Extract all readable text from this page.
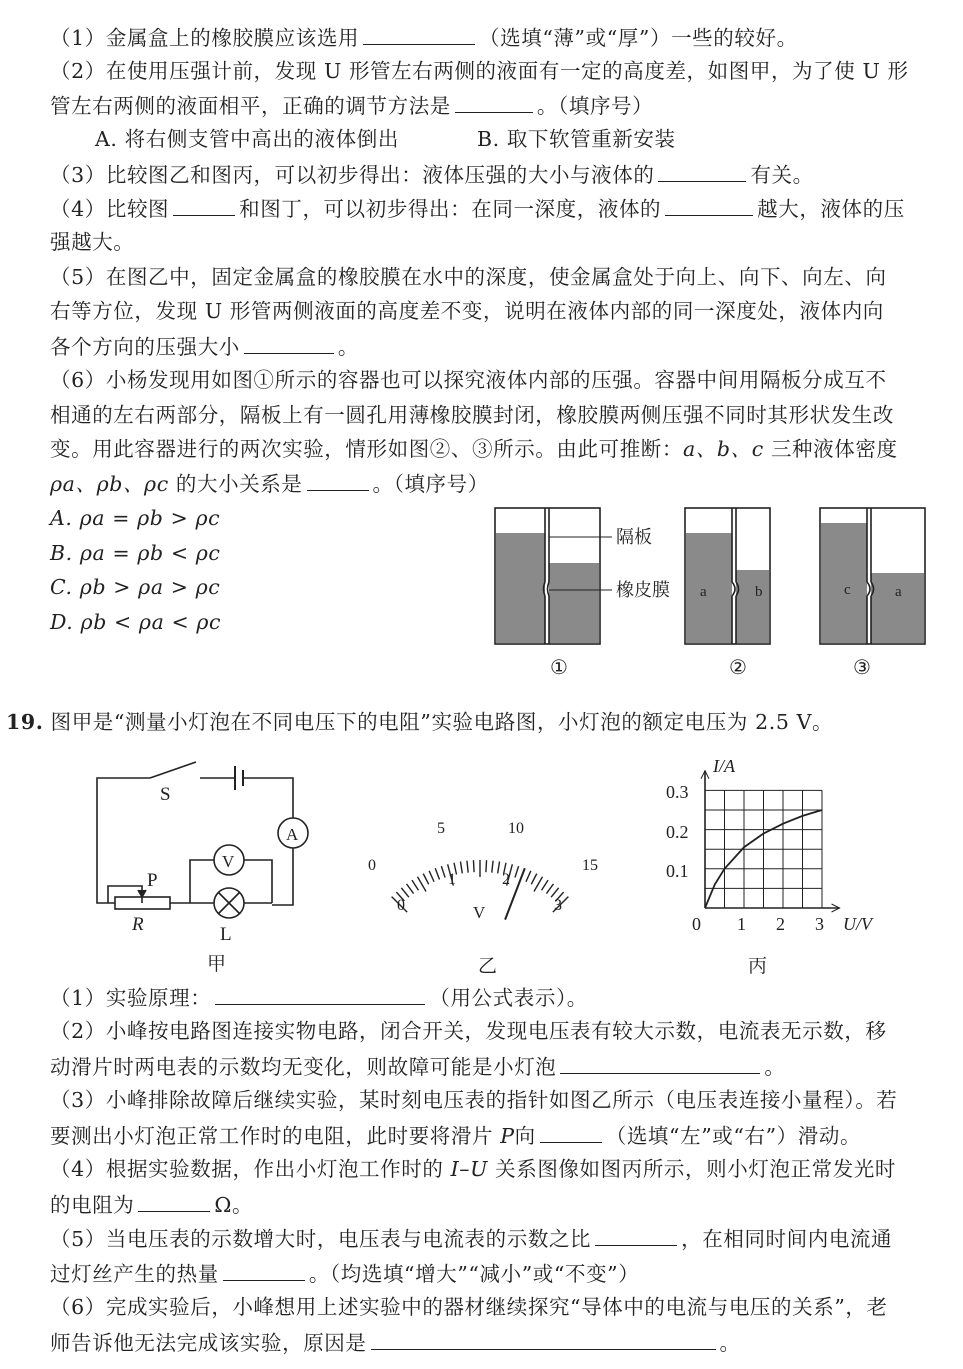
（1）金属盒上的橡胶膜应该选用	（选填“薄”或“厚”）一些的较好。
（2）在使用压强计前，发现 U 形管左右两侧的液面有一定的高度差，如图甲，为了使 U 形
管左右两侧的液面相平，正确的调节方法是	。（填序号）
A. 将右侧支管中高出的液体倒出	B. 取下软管重新安装
（3）比较图乙和图丙，可以初步得出：液体压强的大小与液体的	有关。
（4）比较图	和图丁，可以初步得出：在同一深度，液体的	越大，液体的压
强越大。
（5）在图乙中，固定金属盒的橡胶膜在水中的深度，使金属盒处于向上、向下、向左、向
右等方位，发现 U 形管两侧液面的高度差不变，说明在液体内部的同一深度处，液体内向
各个方向的压强大小	。
（6）小杨发现用如图①所示的容器也可以探究液体内部的压强。容器中间用隔板分成互不
相通的左右两部分，隔板上有一圆孔用薄橡胶膜封闭，橡胶膜两侧压强不同时其形状发生改
变。用此容器进行的两次实验，情形如图②、③所示。由此可推断：a、b、c 三种液体密度
ρa、ρb、ρc 的大小关系是	。（填序号）
A. ρa = ρb > ρc
B. ρa = ρb < ρc
C. ρb > ρa > ρc
D. ρb < ρa < ρc
隔板
橡皮膜 a	b	c	a
①	②	③
19. 图甲是“测量小灯泡在不同电压下的电阻”实验电路图，小灯泡的额定电压为 2.5 V。
S
A
V
P
R	L
甲
0
5	10
15
0
1	2
3
V
乙
I/A
U/V
0.3
0.2
0.1
0 1 2 3
丙
（1）实验原理：	（用公式表示）。
（2）小峰按电路图连接实物电路，闭合开关，发现电压表有较大示数，电流表无示数，移
动滑片时两电表的示数均无变化，则故障可能是小灯泡	。
（3）小峰排除故障后继续实验，某时刻电压表的指针如图乙所示（电压表连接小量程）。若
要测出小灯泡正常工作时的电阻，此时要将滑片 P向	（选填“左”或“右”）滑动。
（4）根据实验数据，作出小灯泡工作时的 I–U 关系图像如图丙所示，则小灯泡正常发光时
的电阻为	Ω。
（5）当电压表的示数增大时，电压表与电流表的示数之比	，在相同时间内电流通
过灯丝产生的热量	。（均选填“增大”“减小”或“不变”）
（6）完成实验后，小峰想用上述实验中的器材继续探究“导体中的电流与电压的关系”，老
师告诉他无法完成该实验，原因是	。
